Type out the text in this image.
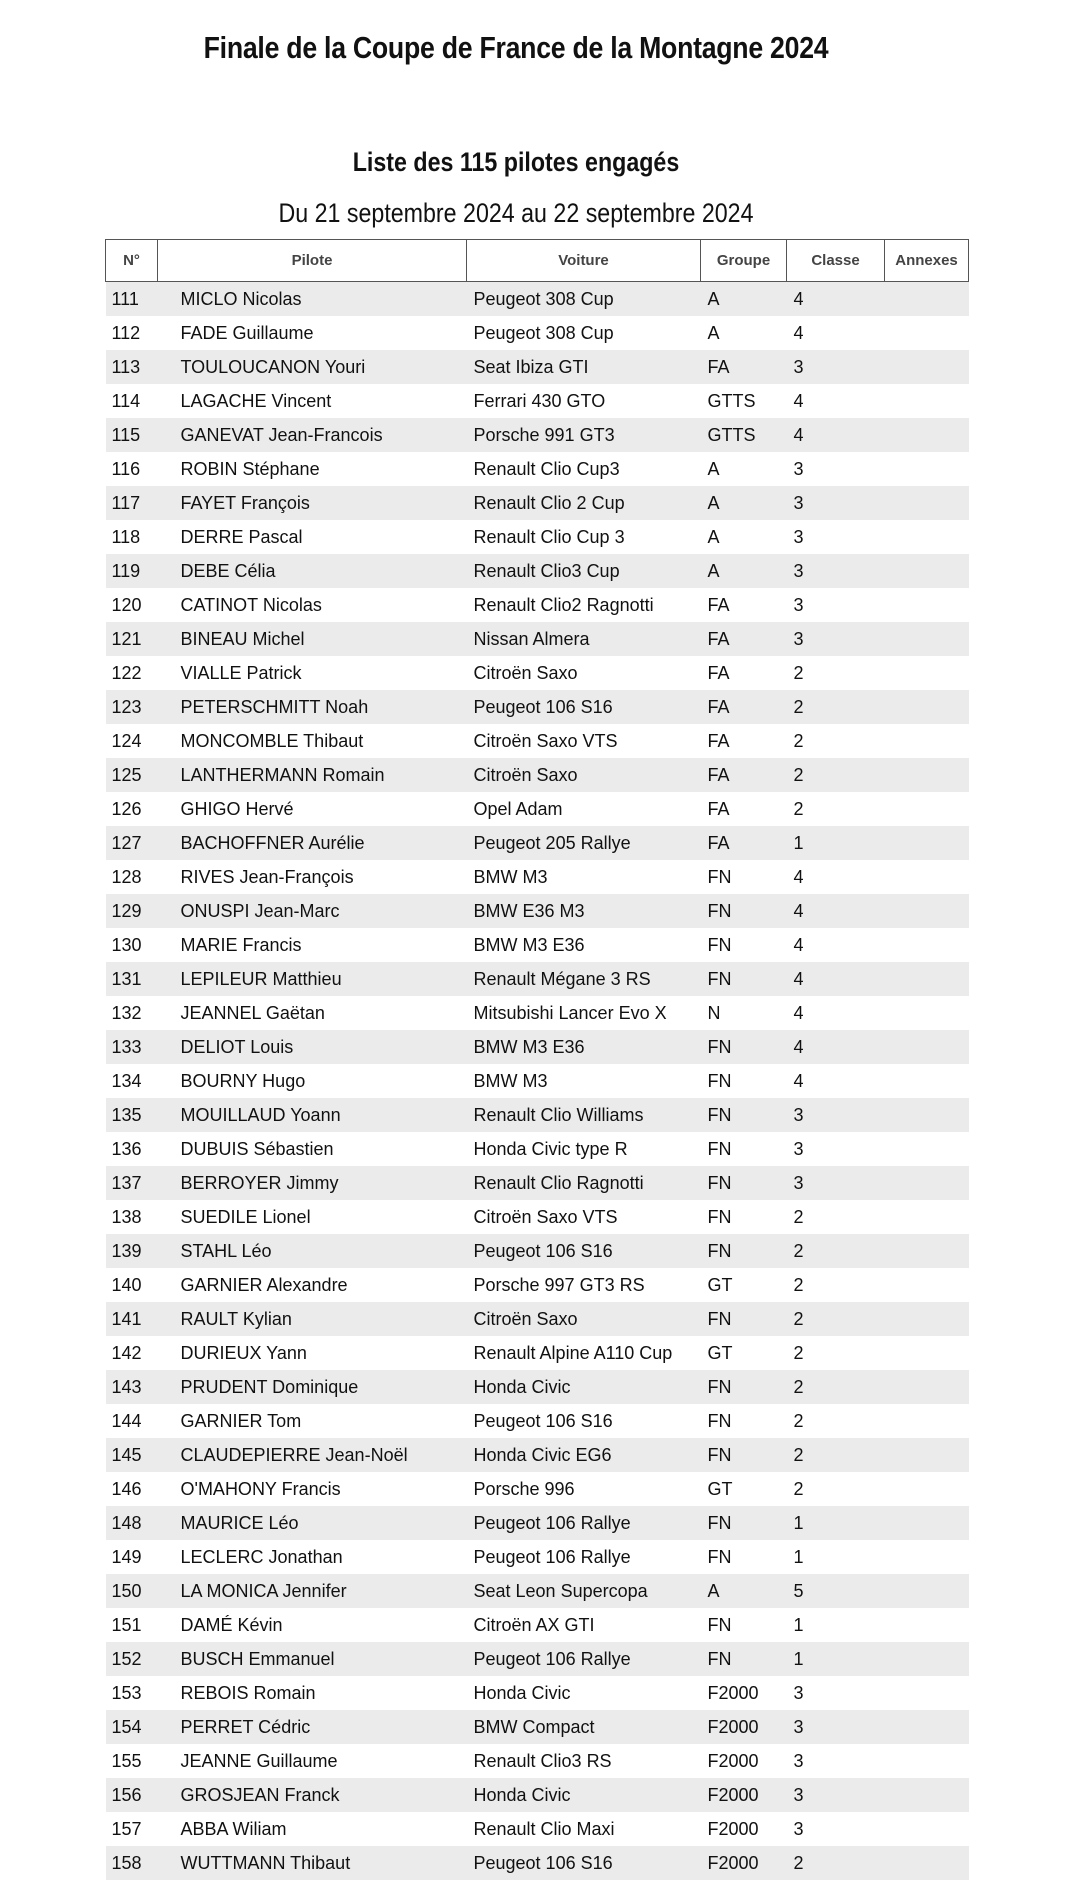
Finale de la Coupe de France de la Montagne 2024
Liste des 115 pilotes engagés
Du 21 septembre 2024 au 22 septembre 2024
N°	Pilote	Voiture	Groupe	Classe	Annexes
111	MICLO Nicolas	Peugeot 308 Cup	A	4	
112	FADE Guillaume	Peugeot 308 Cup	A	4	
113	TOULOUCANON Youri	Seat Ibiza GTI	FA	3	
114	LAGACHE Vincent	Ferrari 430 GTO	GTTS	4	
115	GANEVAT Jean-Francois	Porsche 991 GT3	GTTS	4	
116	ROBIN Stéphane	Renault Clio Cup3	A	3	
117	FAYET François	Renault Clio 2 Cup	A	3	
118	DERRE Pascal	Renault Clio Cup 3	A	3	
119	DEBE Célia	Renault Clio3 Cup	A	3	
120	CATINOT Nicolas	Renault Clio2 Ragnotti	FA	3	
121	BINEAU Michel	Nissan Almera	FA	3	
122	VIALLE Patrick	Citroën Saxo	FA	2	
123	PETERSCHMITT Noah	Peugeot 106 S16	FA	2	
124	MONCOMBLE Thibaut	Citroën Saxo VTS	FA	2	
125	LANTHERMANN Romain	Citroën Saxo	FA	2	
126	GHIGO Hervé	Opel Adam	FA	2	
127	BACHOFFNER Aurélie	Peugeot 205 Rallye	FA	1	
128	RIVES Jean-François	BMW M3	FN	4	
129	ONUSPI Jean-Marc	BMW E36 M3	FN	4	
130	MARIE Francis	BMW M3 E36	FN	4	
131	LEPILEUR Matthieu	Renault Mégane 3 RS	FN	4	
132	JEANNEL Gaëtan	Mitsubishi Lancer Evo X	N	4	
133	DELIOT Louis	BMW M3 E36	FN	4	
134	BOURNY Hugo	BMW M3	FN	4	
135	MOUILLAUD Yoann	Renault Clio Williams	FN	3	
136	DUBUIS Sébastien	Honda Civic type R	FN	3	
137	BERROYER Jimmy	Renault Clio Ragnotti	FN	3	
138	SUEDILE Lionel	Citroën Saxo VTS	FN	2	
139	STAHL Léo	Peugeot 106 S16	FN	2	
140	GARNIER Alexandre	Porsche 997 GT3 RS	GT	2	
141	RAULT Kylian	Citroën Saxo	FN	2	
142	DURIEUX Yann	Renault Alpine A110 Cup	GT	2	
143	PRUDENT Dominique	Honda Civic	FN	2	
144	GARNIER Tom	Peugeot 106 S16	FN	2	
145	CLAUDEPIERRE Jean-Noël	Honda Civic EG6	FN	2	
146	O'MAHONY Francis	Porsche 996	GT	2	
148	MAURICE Léo	Peugeot 106 Rallye	FN	1	
149	LECLERC Jonathan	Peugeot 106 Rallye	FN	1	
150	LA MONICA Jennifer	Seat Leon Supercopa	A	5	
151	DAMÉ Kévin	Citroën AX GTI	FN	1	
152	BUSCH Emmanuel	Peugeot 106 Rallye	FN	1	
153	REBOIS Romain	Honda Civic	F2000	3	
154	PERRET Cédric	BMW Compact	F2000	3	
155	JEANNE Guillaume	Renault Clio3 RS	F2000	3	
156	GROSJEAN Franck	Honda Civic	F2000	3	
157	ABBA Wiliam	Renault Clio Maxi	F2000	3	
158	WUTTMANN Thibaut	Peugeot 106 S16	F2000	2	
